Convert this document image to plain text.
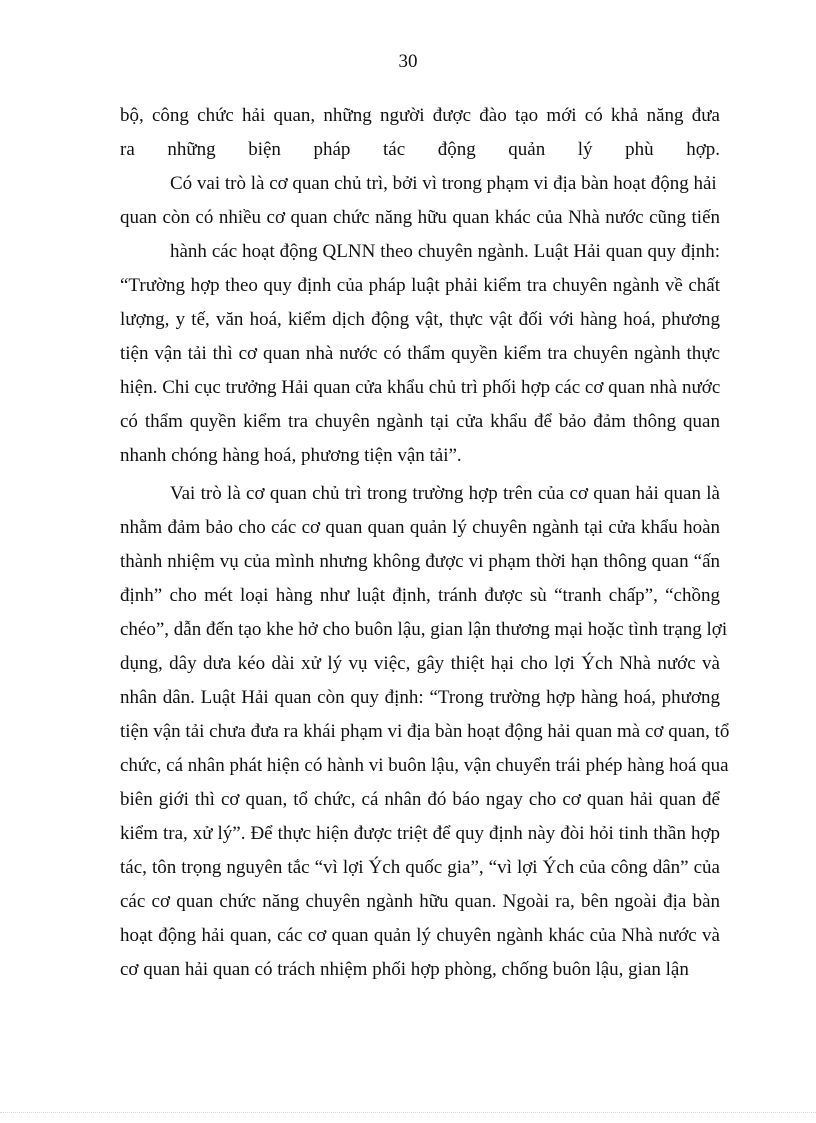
30
bộ, công chức hải quan, những người được đào tạo mới có khả năng đưa
ra những biện pháp tác động quản lý phù hợp.
Có vai trò là cơ quan chủ trì, bởi vì trong phạm vi địa bàn hoạt động hải
quan còn có nhiều cơ quan chức năng hữu quan khác của Nhà nước cũng tiến
hành các hoạt động QLNN theo chuyên ngành. Luật Hải quan quy định:
“Trường hợp theo quy định của pháp luật phải kiểm tra chuyên ngành về chất
lượng, y tế, văn hoá, kiểm dịch động vật, thực vật đối với hàng hoá, phương
tiện vận tải thì cơ quan nhà nước có thẩm quyền kiểm tra chuyên ngành thực
hiện. Chi cục trưởng Hải quan cửa khẩu chủ trì phối hợp các cơ quan nhà nước
có thẩm quyền kiểm tra chuyên ngành tại cửa khẩu để bảo đảm thông quan
nhanh chóng hàng hoá, phương tiện vận tải”.
Vai trò là cơ quan chủ trì trong trường hợp trên của cơ quan hải quan là
nhằm đảm bảo cho các cơ quan quan quản lý chuyên ngành tại cửa khẩu hoàn
thành nhiệm vụ của mình nhưng không được vi phạm thời hạn thông quan “ấn
định” cho mét loại hàng như luật định, tránh được sù “tranh chấp”, “chồng
chéo”, dẫn đến tạo khe hở cho buôn lậu, gian lận thương mại hoặc tình trạng lợi
dụng, dây dưa kéo dài xử lý vụ việc, gây thiệt hại cho lợi Ých Nhà nước và
nhân dân. Luật Hải quan còn quy định: “Trong trường hợp hàng hoá, phương
tiện vận tải chưa đưa ra khái phạm vi địa bàn hoạt động hải quan mà cơ quan, tổ
chức, cá nhân phát hiện có hành vi buôn lậu, vận chuyển trái phép hàng hoá qua
biên giới thì cơ quan, tổ chức, cá nhân đó báo ngay cho cơ quan hải quan để
kiểm tra, xử lý”. Để thực hiện được triệt để quy định này đòi hỏi tinh thần hợp
tác, tôn trọng nguyên tắc “vì lợi Ých quốc gia”, “vì lợi Ých của công dân” của
các cơ quan chức năng chuyên ngành hữu quan. Ngoài ra, bên ngoài địa bàn
hoạt động hải quan, các cơ quan quản lý chuyên ngành khác của Nhà nước và
cơ quan hải quan có trách nhiệm phối hợp phòng, chống buôn lậu, gian lận
